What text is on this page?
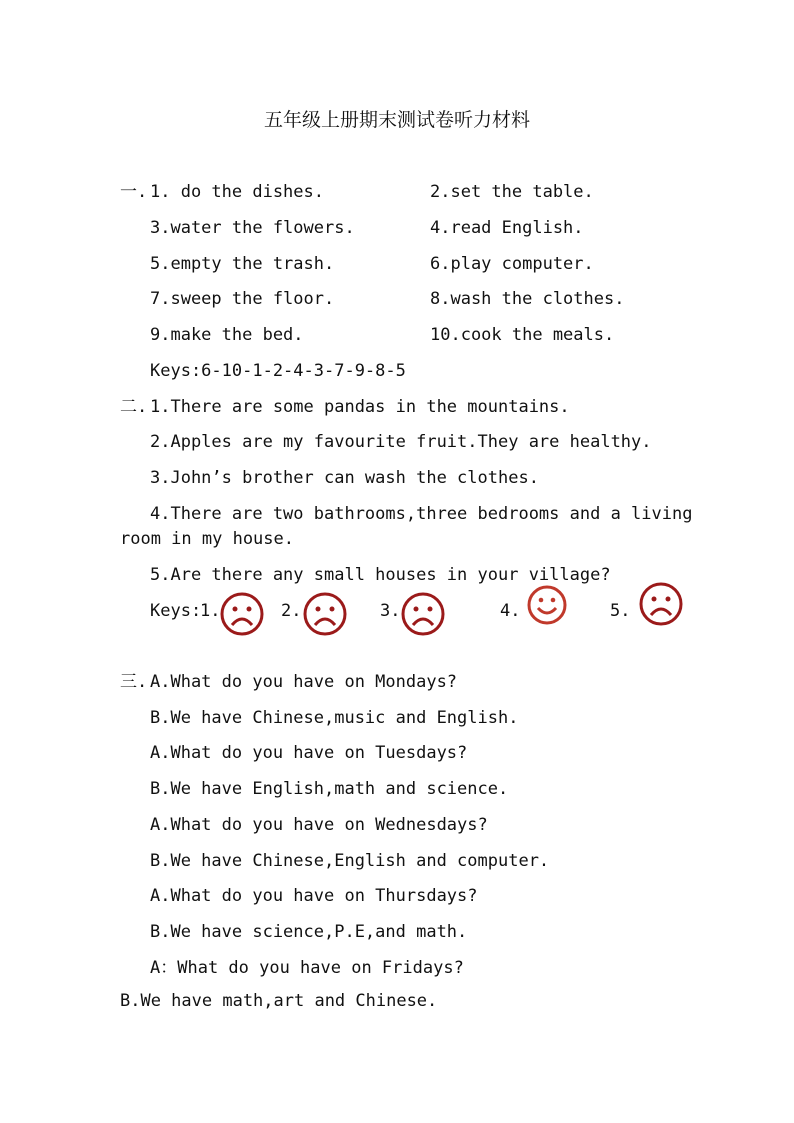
五年级上册期末测试卷听力材料
一. 1. do the dishes.	2.set the table.
3.water the flowers.	4.read English.
5.empty the trash.	6.play computer.
7.sweep the floor.	8.wash the clothes.
9.make the bed.	10.cook the meals.
Keys:6-10-1-2-4-3-7-9-8-5
二. 1.There are some pandas in the mountains.
2.Apples are my favourite fruit.They are healthy.
3.John’s brother can wash the clothes.
4.There are two bathrooms,three bedrooms and a living
room in my house.
5.Are there any small houses in your village?
Keys:
1.	2.	3.	4.	5.
三. A.What do you have on Mondays?
B.We have Chinese,music and English.
A.What do you have on Tuesdays?
B.We have English,math and science.
A.What do you have on Wednesdays?
B.We have Chinese,English and computer.
A.What do you have on Thursdays?
B.We have science,P.E,and math.
A：What do you have on Fridays?
B.We have math,art and Chinese.
